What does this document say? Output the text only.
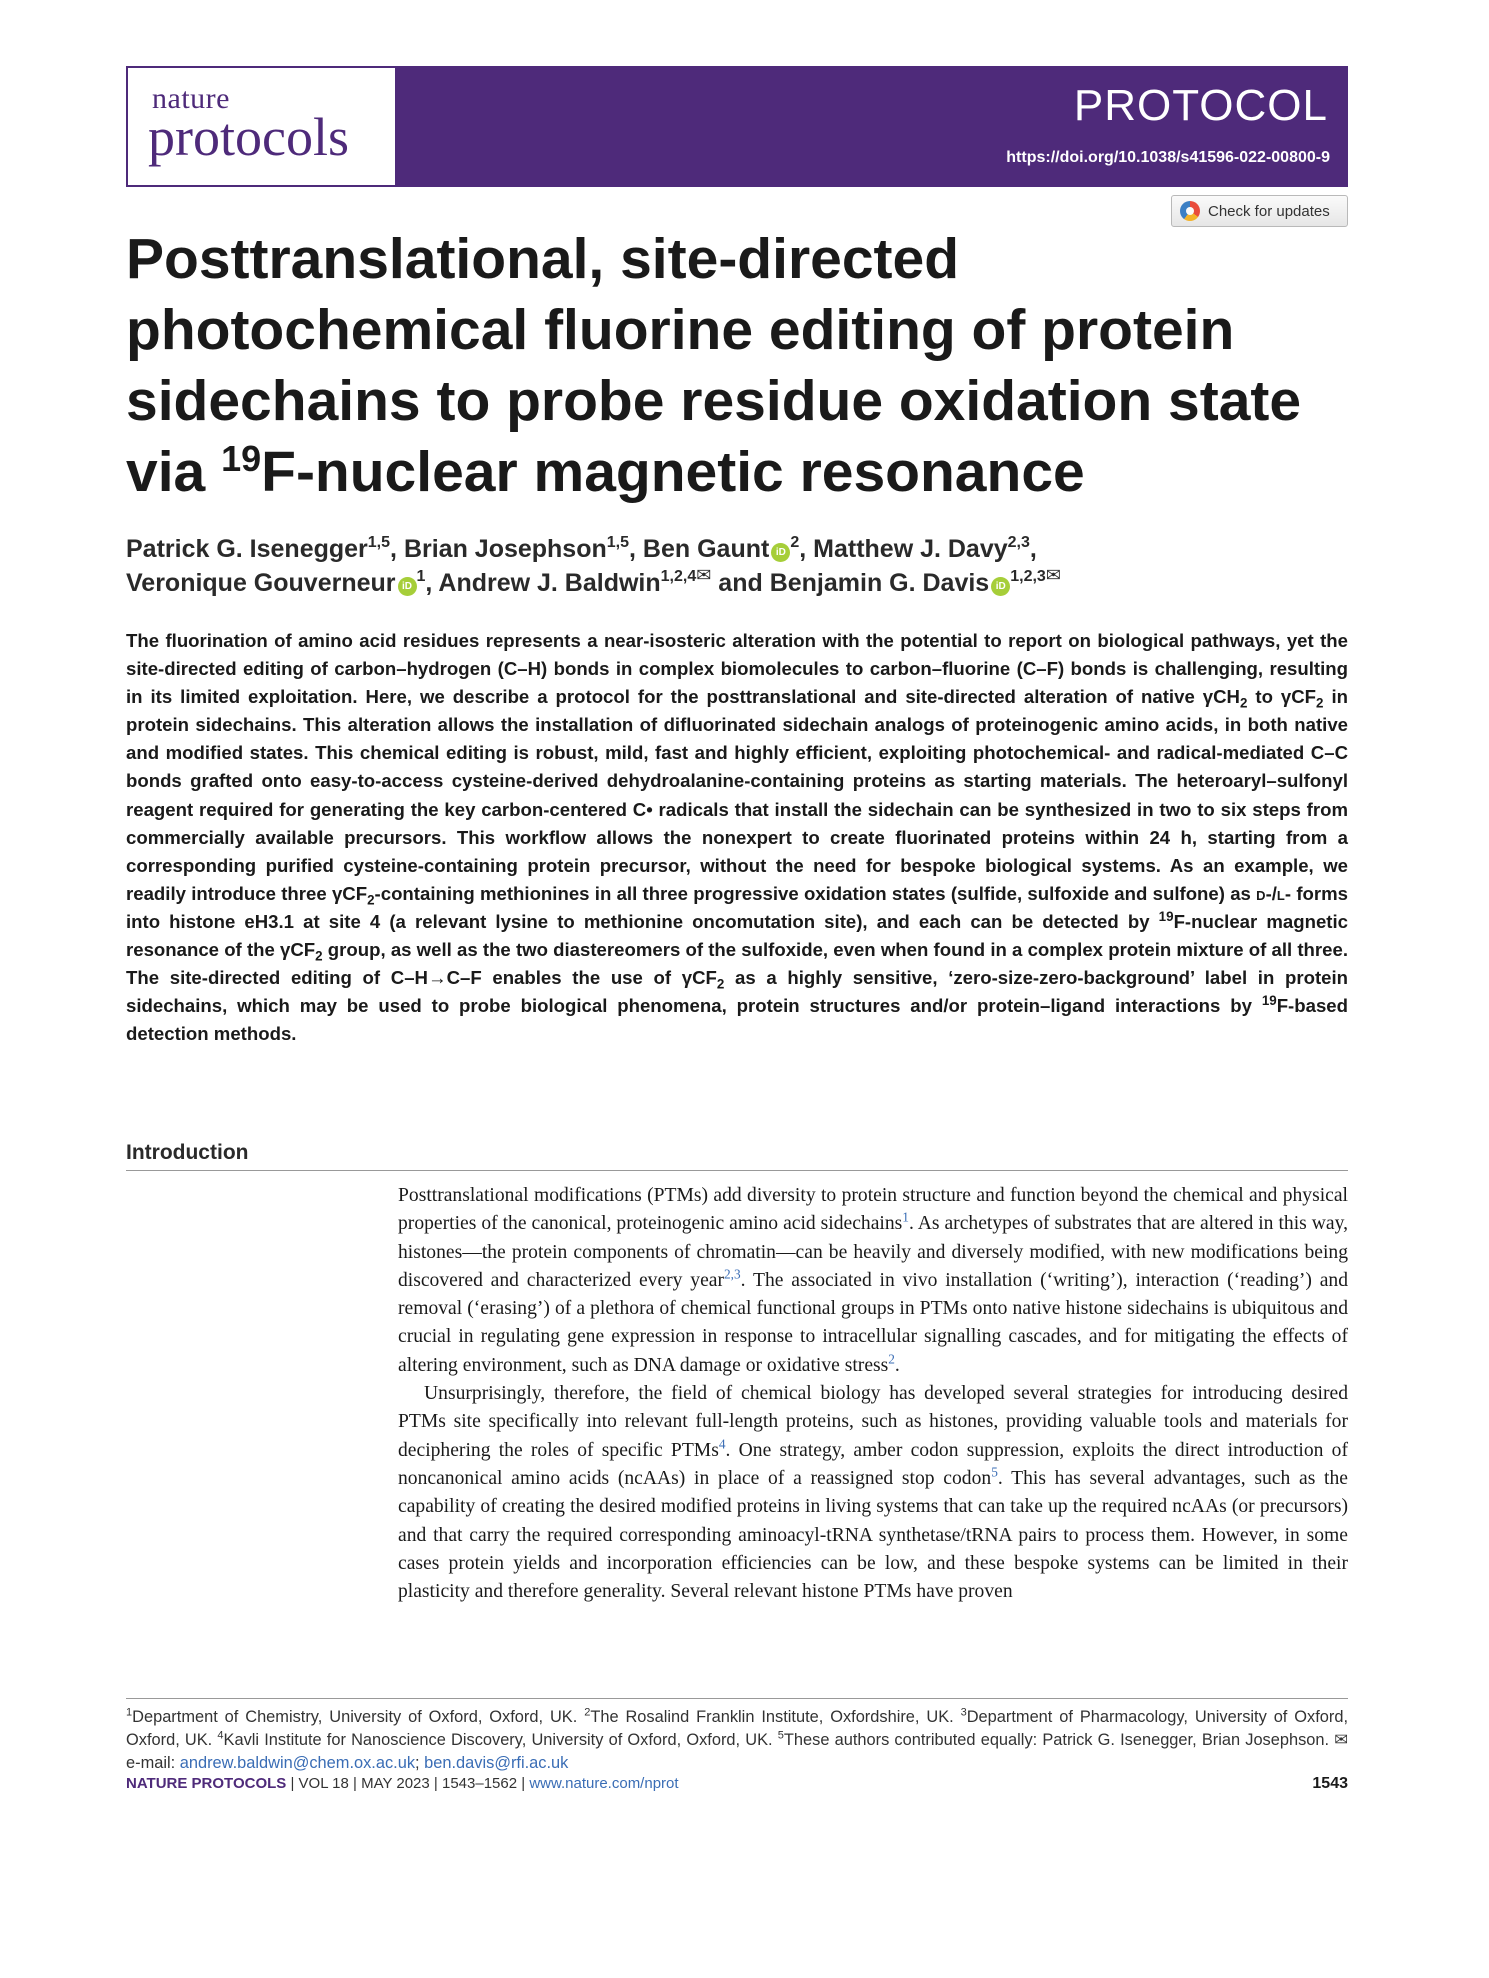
PROTOCOL
https://doi.org/10.1038/s41596-022-00800-9
nature
protocols
Check for updates
Posttranslational, site-directed photochemical fluorine editing of protein sidechains to probe residue oxidation state via $^{19}$F-nuclear magnetic resonance
Patrick G. Isenegger$^{1,5}$, Brian Josephson$^{1,5}$, Ben Gaunt $iD^2$, Matthew J. Davy$^{2,3}$,
Veronique Gouverneur $iD^1$, Andrew J. Baldwin$^{1,2,4✉}$ and Benjamin G. Davis $iD^{1,2,3✉}$
The fluorination of amino acid residues represents a near-isosteric alteration with the potential to report on biological pathways, yet the site-directed editing of carbon–hydrogen (C–H) bonds in complex biomolecules to carbon–fluorine (C–F) bonds is challenging, resulting in its limited exploitation. Here, we describe a protocol for the posttranslational and site-directed alteration of native γCH$_2$ to γCF$_2$ in protein sidechains. This alteration allows the installation of difluorinated sidechain analogs of proteinogenic amino acids, in both native and modified states. This chemical editing is robust, mild, fast and highly efficient, exploiting photochemical- and radical-mediated C–C bonds grafted onto easy-to-access cysteine-derived dehydroalanine-containing proteins as starting materials. The heteroaryl–sulfonyl reagent required for generating the key carbon-centered C• radicals that install the sidechain can be synthesized in two to six steps from commercially available precursors. This workflow allows the nonexpert to create fluorinated proteins within 24 h, starting from a corresponding purified cysteine-containing protein precursor, without the need for bespoke biological systems. As an example, we readily introduce three γCF$_2$-containing methionines in all three progressive oxidation states (sulfide, sulfoxide and sulfone) as d-/l- forms into histone eH3.1 at site 4 (a relevant lysine to methionine oncomutation site), and each can be detected by $^{19}$F-nuclear magnetic resonance of the γCF$_2$ group, as well as the two diastereomers of the sulfoxide, even when found in a complex protein mixture of all three. The site-directed editing of C–H→C–F enables the use of γCF$_2$ as a highly sensitive, ‘zero-size-zero-background’ label in protein sidechains, which may be used to probe biological phenomena, protein structures and/or protein–ligand interactions by $^{19}$F-based detection methods.
Introduction

Posttranslational modifications (PTMs) add diversity to protein structure and function beyond the chemical and physical properties of the canonical, proteinogenic amino acid sidechains$^1$. As archetypes of substrates that are altered in this way, histones—the protein components of chromatin—can be heavily and diversely modified, with new modifications being discovered and characterized every year$^{2,3}$. The associated in vivo installation (‘writing’), interaction (‘reading’) and removal (‘erasing’) of a plethora of chemical functional groups in PTMs onto native histone sidechains is ubiquitous and crucial in regulating gene expression in response to intracellular signalling cascades, and for mitigating the effects of altering environment, such as DNA damage or oxidative stress$^2$.

Unsurprisingly, therefore, the field of chemical biology has developed several strategies for introducing desired PTMs site specifically into relevant full-length proteins, such as histones, providing valuable tools and materials for deciphering the roles of specific PTMs$^4$. One strategy, amber codon suppression, exploits the direct introduction of noncanonical amino acids (ncAAs) in place of a reassigned stop codon$^5$. This has several advantages, such as the capability of creating the desired modified proteins in living systems that can take up the required ncAAs (or precursors) and that carry the required corresponding aminoacyl-tRNA synthetase/tRNA pairs to process them. However, in some cases protein yields and incorporation efficiencies can be low, and these bespoke systems can be limited in their plasticity and therefore generality. Several relevant histone PTMs have proven

$^1$Department of Chemistry, University of Oxford, Oxford, UK. $^2$The Rosalind Franklin Institute, Oxfordshire, UK. $^3$Department of Pharmacology, University of Oxford, Oxford, UK. $^4$Kavli Institute for Nanoscience Discovery, University of Oxford, Oxford, UK. $^5$These authors contributed equally: Patrick G. Isenegger, Brian Josephson. ✉e-mail: andrew.baldwin@chem.ox.ac.uk; ben.davis@rfi.ac.uk
NATURE PROTOCOLS | VOL 18 | MAY 2023 | 1543–1562 | www.nature.com/nprot	1543
